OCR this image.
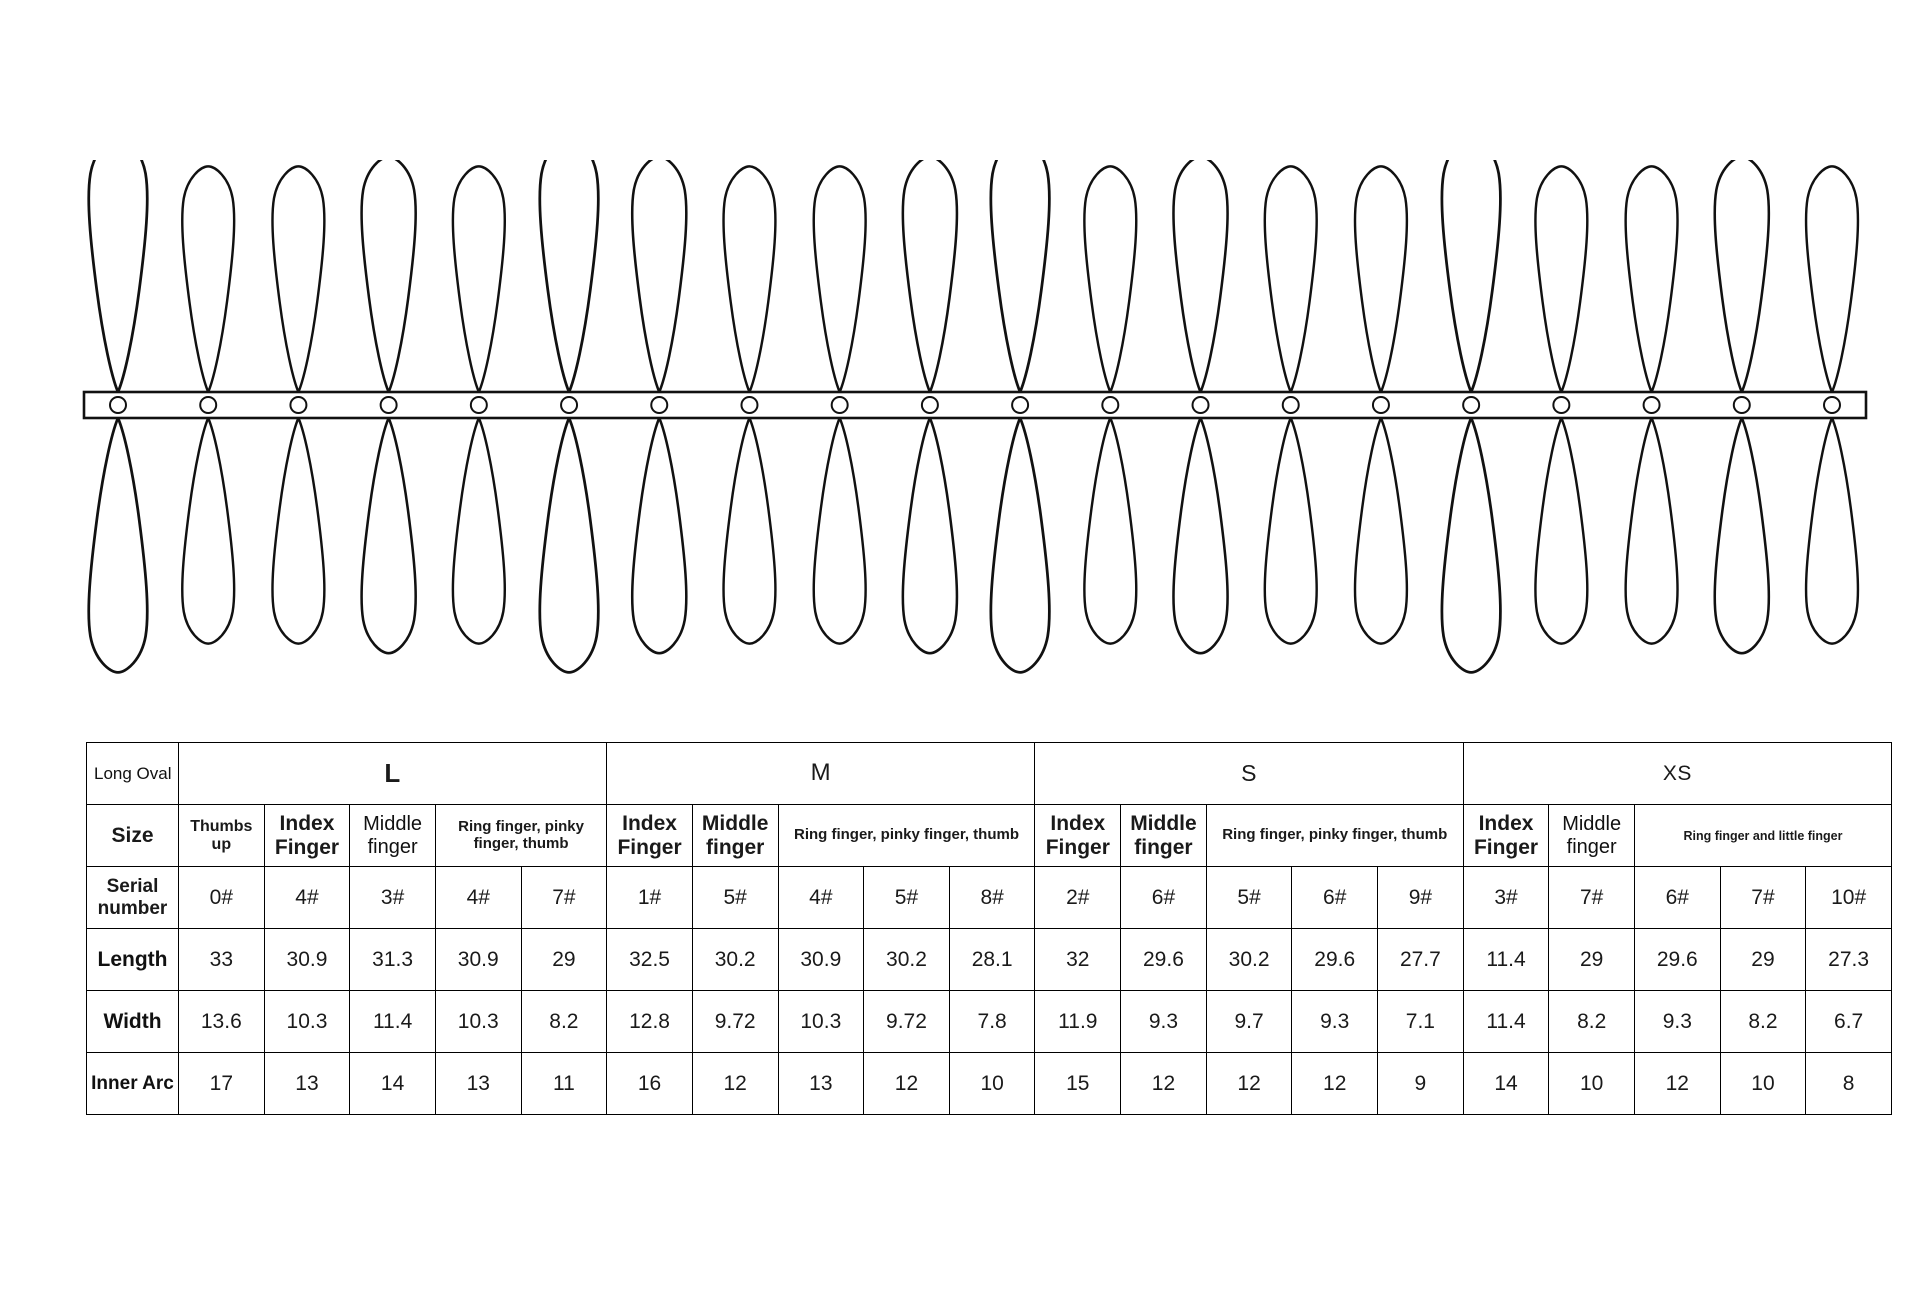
Long Oval	L					M					S					XS				
Size	Thumbs up	Index Finger	Middle finger	Ring finger, pinky finger, thumb		Index Finger	Middle finger	Ring finger, pinky finger, thumb			Index Finger	Middle finger	Ring finger, pinky finger, thumb			Index Finger	Middle finger	Ring finger and little finger		
Serial number	0#	4#	3#	4#	7#	1#	5#	4#	5#	8#	2#	6#	5#	6#	9#	3#	7#	6#	7#	10#
Length	33	30.9	31.3	30.9	29	32.5	30.2	30.9	30.2	28.1	32	29.6	30.2	29.6	27.7	11.4	29	29.6	29	27.3
Width	13.6	10.3	11.4	10.3	8.2	12.8	9.72	10.3	9.72	7.8	11.9	9.3	9.7	9.3	7.1	11.4	8.2	9.3	8.2	6.7
Inner Arc	17	13	14	13	11	16	12	13	12	10	15	12	12	12	9	14	10	12	10	8
